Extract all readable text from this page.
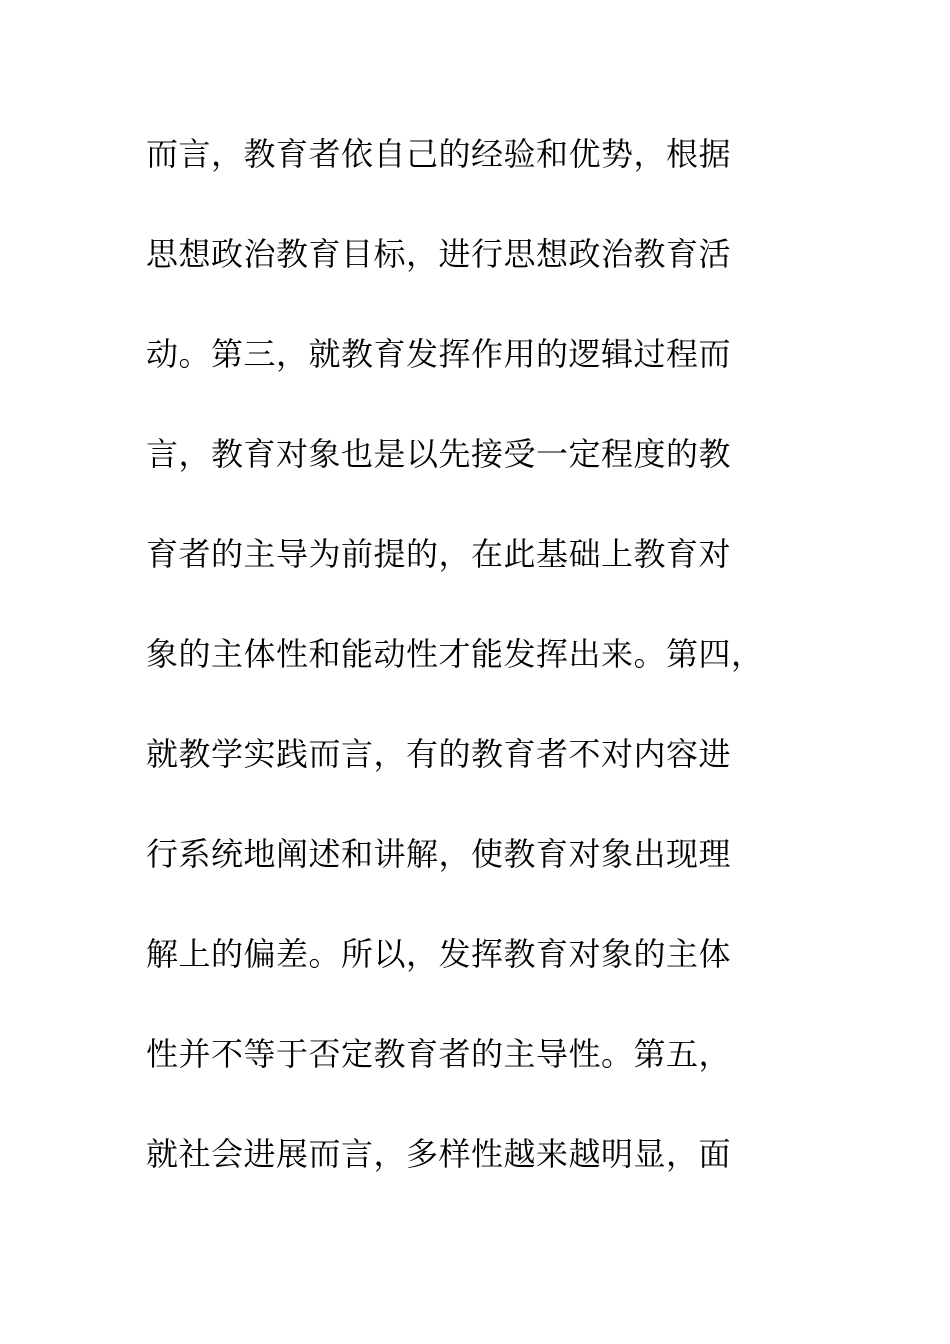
而言，教育者依自己的经验和优势，根据
思想政治教育目标，进行思想政治教育活
动。第三，就教育发挥作用的逻辑过程而
言，教育对象也是以先接受一定程度的教
育者的主导为前提的，在此基础上教育对
象的主体性和能动性才能发挥出来。第四，
就教学实践而言，有的教育者不对内容进
行系统地阐述和讲解，使教育对象出现理
解上的偏差。所以，发挥教育对象的主体
性并不等于否定教育者的主导性。第五，
就社会进展而言，多样性越来越明显，面
